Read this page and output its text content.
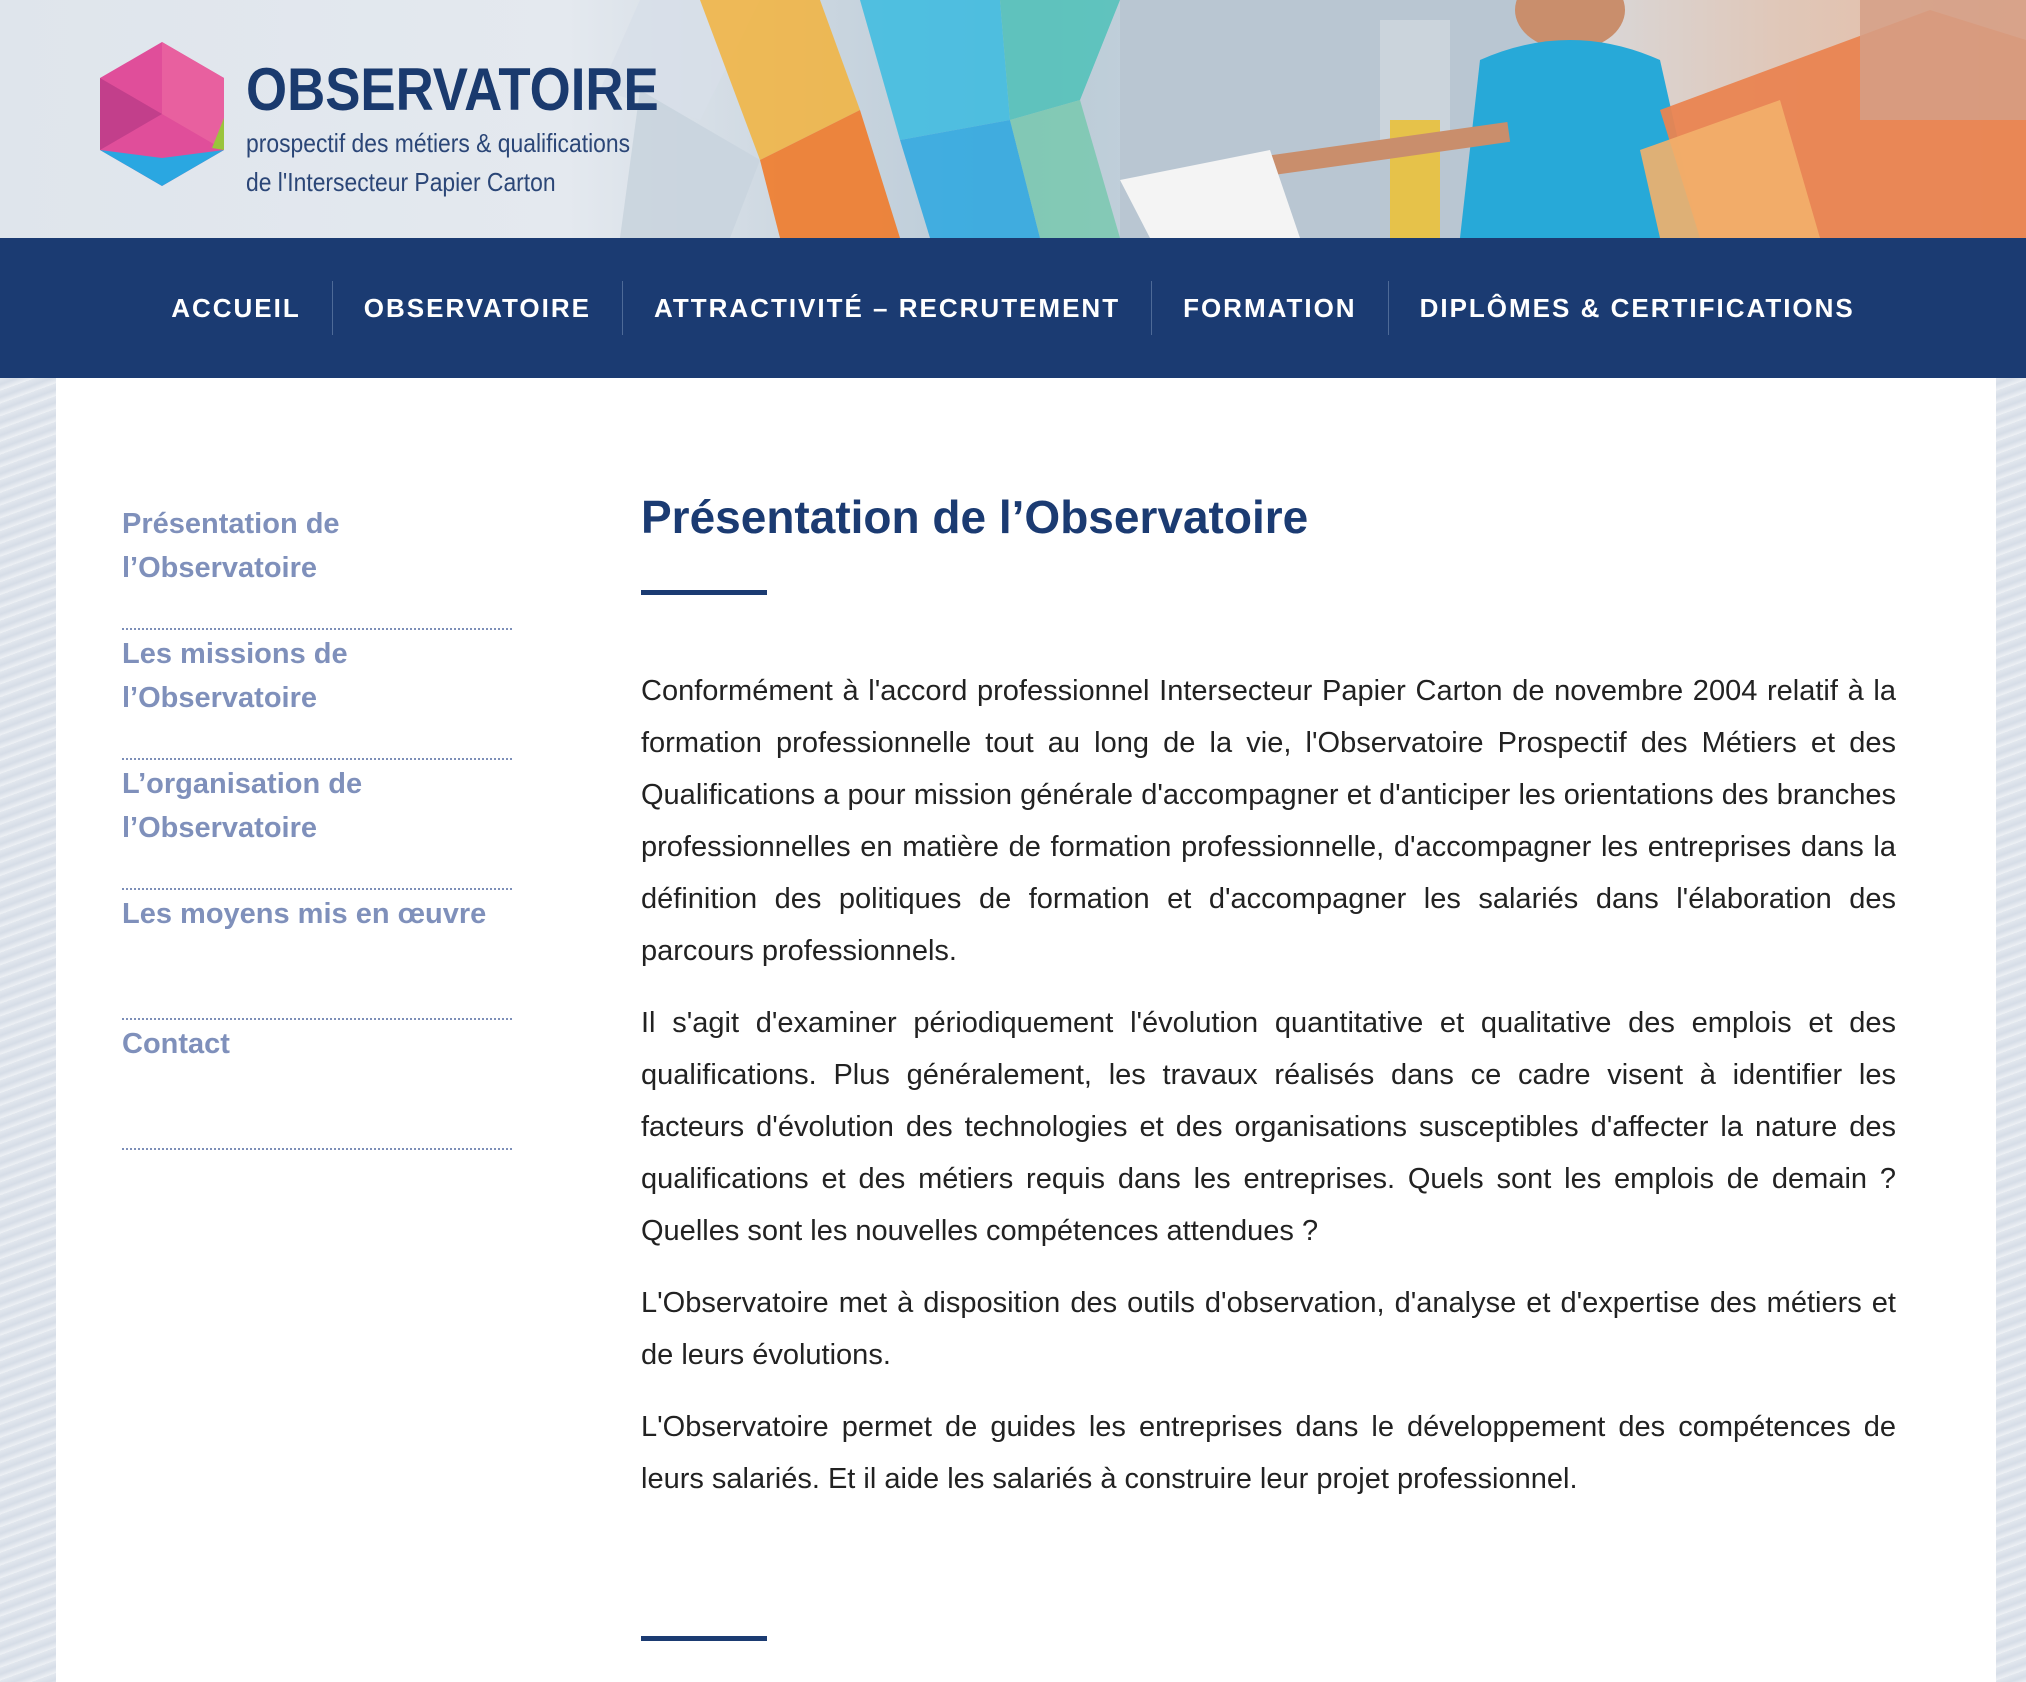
OBSERVATOIRE
prospectif des métiers & qualifications
de l'Intersecteur Papier Carton
ACCUEIL	OBSERVATOIRE	ATTRACTIVITÉ – RECRUTEMENT	FORMATION	DIPLÔMES & CERTIFICATIONS
Présentation de
l’Observatoire
Les missions de
l’Observatoire
L’organisation de
l’Observatoire
Les moyens mis en œuvre
Contact
Présentation de l’Observatoire

Conformément à l'accord professionnel Intersecteur Papier Carton de novembre 2004 relatif à la formation professionnelle tout au long de la vie, l'Observatoire Prospectif des Métiers et des Qualifications a pour mission générale d'accompagner et d'anticiper les orientations des branches professionnelles en matière de formation professionnelle, d'accompagner les entreprises dans la définition des politiques de formation et d'accompagner les salariés dans l'élaboration des parcours professionnels.

Il s'agit d'examiner périodiquement l'évolution quantitative et qualitative des emplois et des qualifications. Plus généralement, les travaux réalisés dans ce cadre visent à identifier les facteurs d'évolution des technologies et des organisations susceptibles d'affecter la nature des qualifications et des métiers requis dans les entreprises. Quels sont les emplois de demain ? Quelles sont les nouvelles compétences attendues ?

L'Observatoire met à disposition des outils d'observation, d'analyse et d'expertise des métiers et de leurs évolutions.

L'Observatoire permet de guides les entreprises dans le développement des compétences de leurs salariés. Et il aide les salariés à construire leur projet professionnel.
